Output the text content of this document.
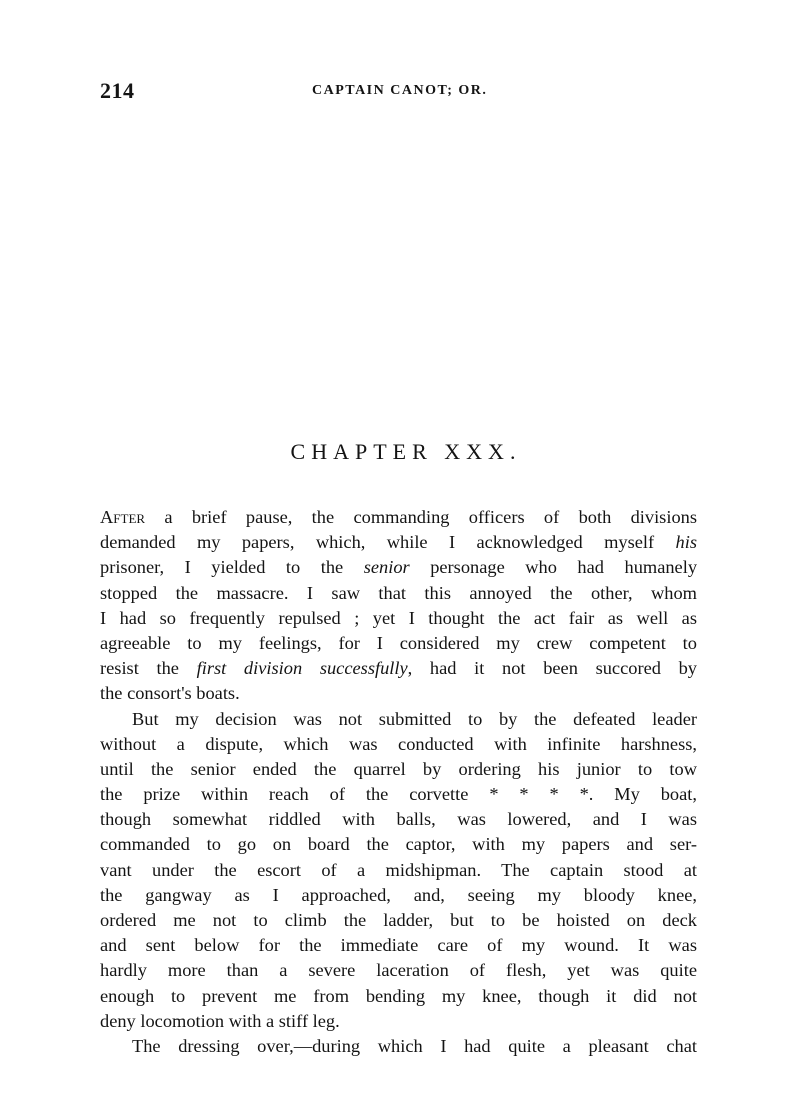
214	CAPTAIN CANOT; OR.
CHAPTER XXX.
After a brief pause, the commanding officers of both divisions
demanded my papers, which, while I acknowledged myself his
prisoner, I yielded to the senior personage who had humanely
stopped the massacre. I saw that this annoyed the other, whom
I had so frequently repulsed ; yet I thought the act fair as well as
agreeable to my feelings, for I considered my crew competent to
resist the first division successfully, had it not been succored by
the consort's boats.
But my decision was not submitted to by the defeated leader
without a dispute, which was conducted with infinite harshness,
until the senior ended the quarrel by ordering his junior to tow
the prize within reach of the corvette * * * *. My boat,
though somewhat riddled with balls, was lowered, and I was
commanded to go on board the captor, with my papers and ser-
vant under the escort of a midshipman. The captain stood at
the gangway as I approached, and, seeing my bloody knee,
ordered me not to climb the ladder, but to be hoisted on deck
and sent below for the immediate care of my wound. It was
hardly more than a severe laceration of flesh, yet was quite
enough to prevent me from bending my knee, though it did not
deny locomotion with a stiff leg.
The dressing over,—during which I had quite a pleasant chat
